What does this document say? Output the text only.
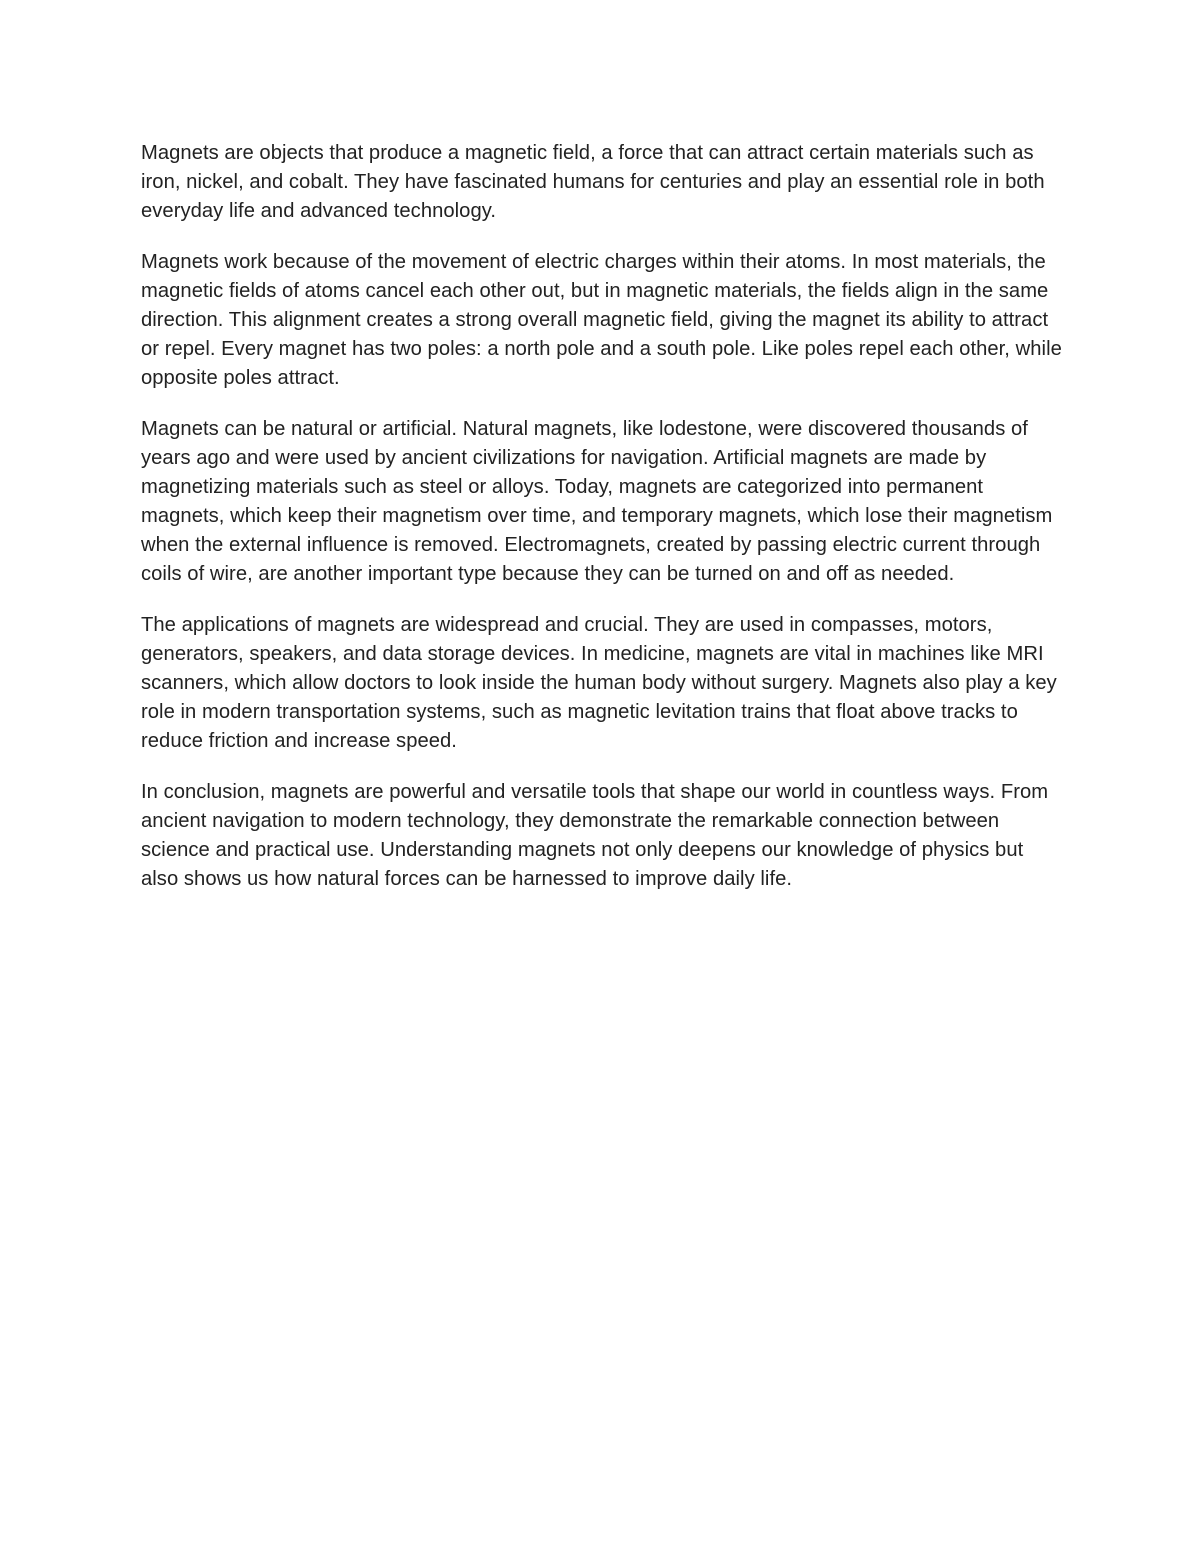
Magnets are objects that produce a magnetic field, a force that can attract certain materials such as iron, nickel, and cobalt. They have fascinated humans for centuries and play an essential role in both everyday life and advanced technology.

Magnets work because of the movement of electric charges within their atoms. In most materials, the magnetic fields of atoms cancel each other out, but in magnetic materials, the fields align in the same direction. This alignment creates a strong overall magnetic field, giving the magnet its ability to attract or repel. Every magnet has two poles: a north pole and a south pole. Like poles repel each other, while opposite poles attract.

Magnets can be natural or artificial. Natural magnets, like lodestone, were discovered thousands of years ago and were used by ancient civilizations for navigation. Artificial magnets are made by magnetizing materials such as steel or alloys. Today, magnets are categorized into permanent magnets, which keep their magnetism over time, and temporary magnets, which lose their magnetism when the external influence is removed. Electromagnets, created by passing electric current through coils of wire, are another important type because they can be turned on and off as needed.

The applications of magnets are widespread and crucial. They are used in compasses, motors, generators, speakers, and data storage devices. In medicine, magnets are vital in machines like MRI scanners, which allow doctors to look inside the human body without surgery. Magnets also play a key role in modern transportation systems, such as magnetic levitation trains that float above tracks to reduce friction and increase speed.

In conclusion, magnets are powerful and versatile tools that shape our world in countless ways. From ancient navigation to modern technology, they demonstrate the remarkable connection between science and practical use. Understanding magnets not only deepens our knowledge of physics but also shows us how natural forces can be harnessed to improve daily life.
